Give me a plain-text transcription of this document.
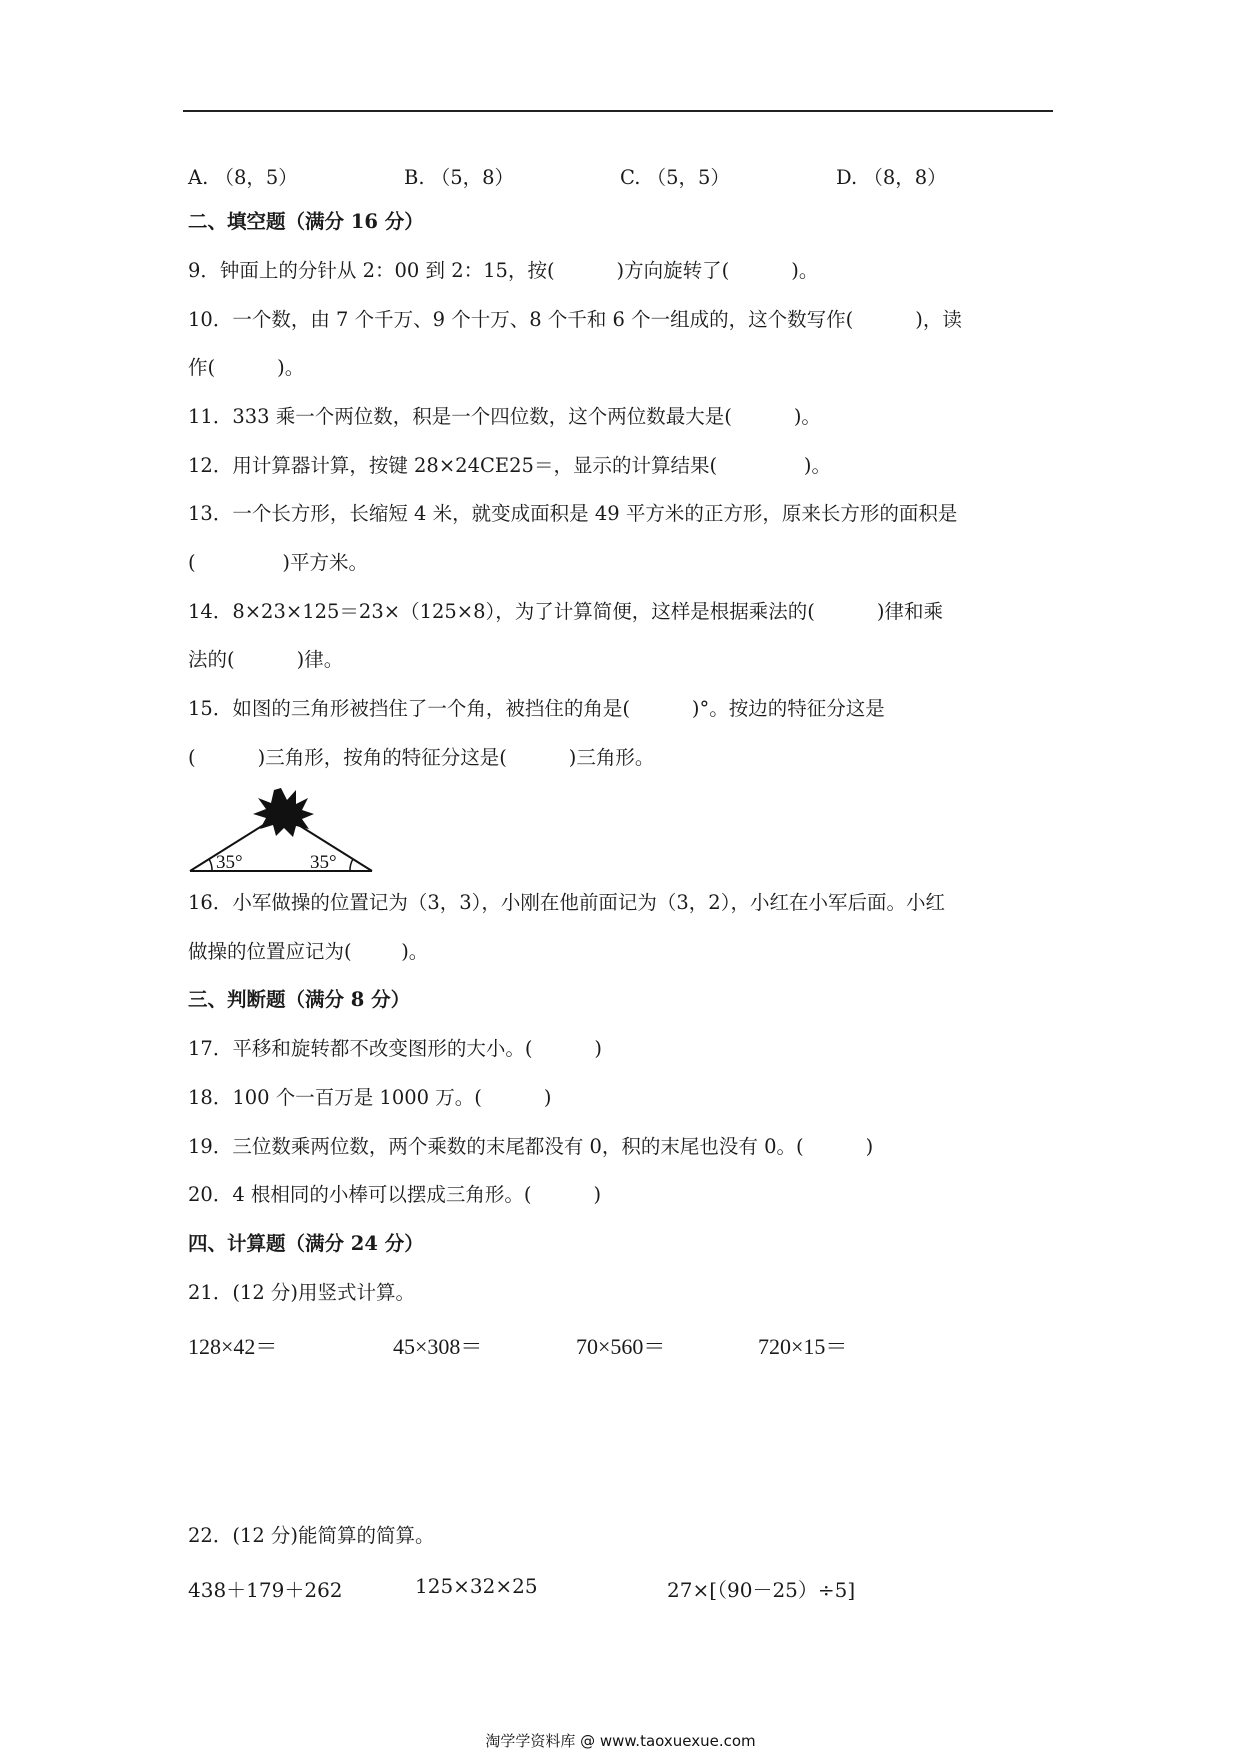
A. （8，5）	B. （5，8）	C. （5，5）	D. （8，8）
二、填空题（满分 16 分）
9．钟面上的分针从 2：00 到 2：15，按(          )方向旋转了(          )。
10．一个数，由 7 个千万、9 个十万、8 个千和 6 个一组成的，这个数写作(          )，读
作(          )。
11．333 乘一个两位数，积是一个四位数，这个两位数最大是(          )。
12．用计算器计算，按键 28×24CE25＝，显示的计算结果(              )。
13．一个长方形，长缩短 4 米，就变成面积是 49 平方米的正方形，原来长方形的面积是
(              )平方米。
14．8×23×125＝23×（125×8），为了计算简便，这样是根据乘法的(          )律和乘
法的(          )律。
15．如图的三角形被挡住了一个角，被挡住的角是(          )°。按边的特征分这是
(          )三角形，按角的特征分这是(          )三角形。
35°	35°
16．小军做操的位置记为（3，3），小刚在他前面记为（3，2），小红在小军后面。小红
做操的位置应记为(        )。
三、判断题（满分 8 分）
17．平移和旋转都不改变图形的大小。(          )
18．100 个一百万是 1000 万。(          )
19．三位数乘两位数，两个乘数的末尾都没有 0，积的末尾也没有 0。(          )
20．4 根相同的小棒可以摆成三角形。(          )
四、计算题（满分 24 分）
21．(12 分)用竖式计算。
128×42＝	45×308＝	70×560＝	720×15＝
22．(12 分)能简算的简算。
438＋179＋262	125×32×25	27×[（90－25）÷5]
淘学学资料库 @ www.taoxuexue.com
